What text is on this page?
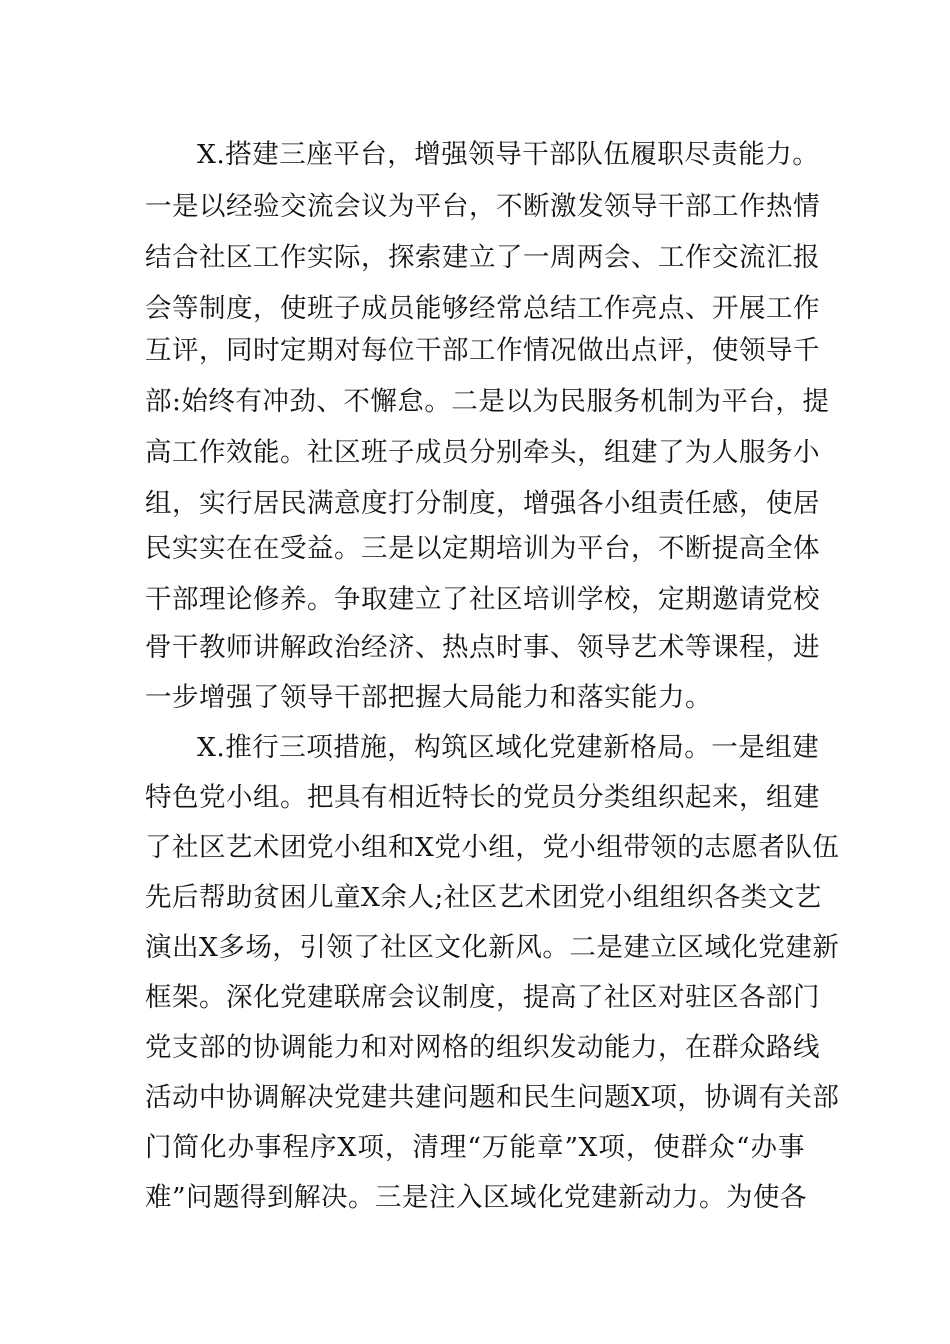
X.搭建三座平台，增强领导干部队伍履职尽责能力。
一是以经验交流会议为平台，不断激发领导干部工作热情
结合社区工作实际，探索建立了一周两会、工作交流汇报
会等制度，使班子成员能够经常总结工作亮点、开展工作
互评，同时定期对每位干部工作情况做出点评，使领导千
部:始终有冲劲、不懈怠。二是以为民服务机制为平台，提
高工作效能。社区班子成员分别牵头，组建了为人服务小
组，实行居民满意度打分制度，增强各小组责任感，使居
民实实在在受益。三是以定期培训为平台，不断提高全体
干部理论修养。争取建立了社区培训学校，定期邀请党校
骨干教师讲解政治经济、热点时事、领导艺术等课程，进
一步增强了领导干部把握大局能力和落实能力。
X.推行三项措施，构筑区域化党建新格局。一是组建
特色党小组。把具有相近特长的党员分类组织起来，组建
了社区艺术团党小组和X党小组，党小组带领的志愿者队伍
先后帮助贫困儿童X余人;社区艺术团党小组组织各类文艺
演出X多场，引领了社区文化新风。二是建立区域化党建新
框架。深化党建联席会议制度，提高了社区对驻区各部门
党支部的协调能力和对网格的组织发动能力，在群众路线
活动中协调解决党建共建问题和民生问题X项，协调有关部
门简化办事程序X项，清理“万能章”X项，使群众“办事
难”问题得到解决。三是注入区域化党建新动力。为使各
